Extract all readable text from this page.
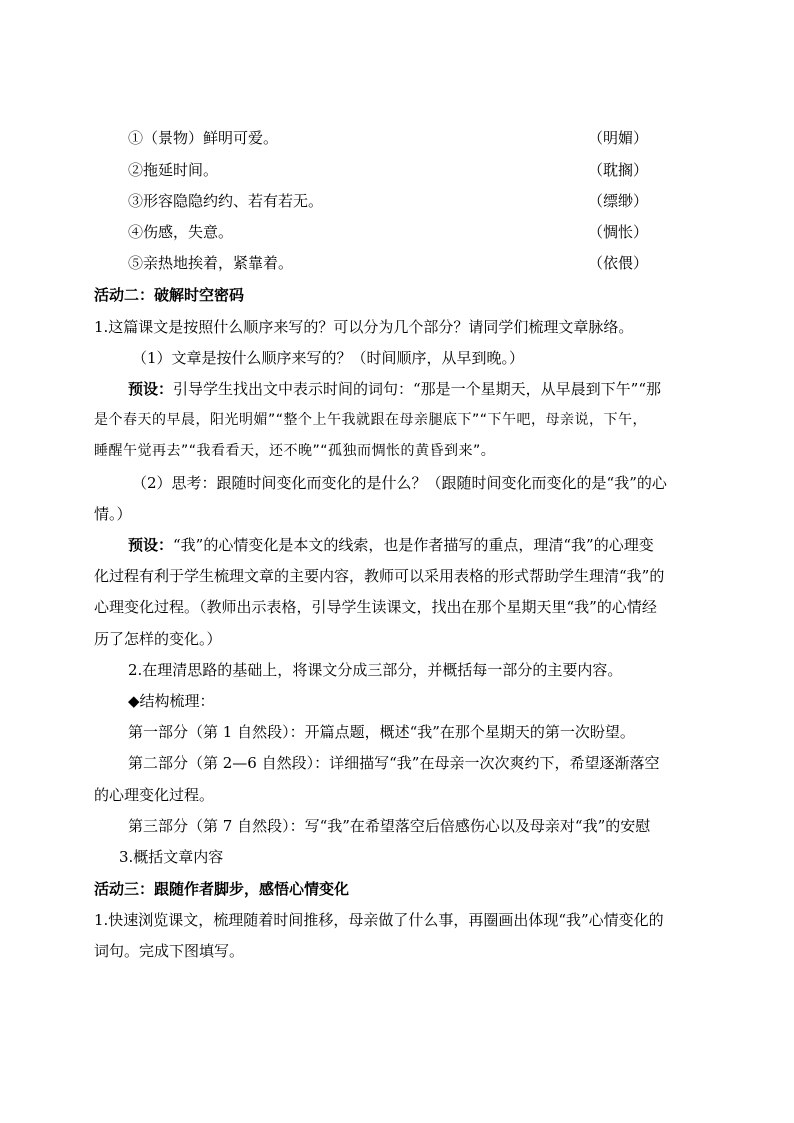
①（景物）鲜明可爱。	（明媚）
②拖延时间。	（耽搁）
③形容隐隐约约、若有若无。	（缥缈）
④伤感，失意。	（惆怅）
⑤亲热地挨着，紧靠着。	（依偎）
活动二：破解时空密码
1.这篇课文是按照什么顺序来写的？可以分为几个部分？请同学们梳理文章脉络。
（1）文章是按什么顺序来写的？（时间顺序，从早到晚。）
预设：引导学生找出文中表示时间的词句：“那是一个星期天，从早晨到下午”“那
是个春天的早晨，阳光明媚”“整个上午我就跟在母亲腿底下”“下午吧，母亲说，下午，
睡醒午觉再去”“我看看天，还不晚”“孤独而惆怅的黄昏到来”。
（2）思考：跟随时间变化而变化的是什么？（跟随时间变化而变化的是“我”的心
情。）
预设：“我”的心情变化是本文的线索，也是作者描写的重点，理清“我”的心理变
化过程有利于学生梳理文章的主要内容，教师可以采用表格的形式帮助学生理清“我”的
心理变化过程。（教师出示表格，引导学生读课文，找出在那个星期天里“我”的心情经
历了怎样的变化。）
2.在理清思路的基础上，将课文分成三部分，并概括每一部分的主要内容。
◆结构梳理：
第一部分（第 1 自然段）：开篇点题，概述“我”在那个星期天的第一次盼望。
第二部分（第 2—6 自然段）：详细描写“我”在母亲一次次爽约下，希望逐渐落空
的心理变化过程。
第三部分（第 7 自然段）：写“我”在希望落空后倍感伤心以及母亲对“我”的安慰
3.概括文章内容
活动三：跟随作者脚步，感悟心情变化
1.快速浏览课文，梳理随着时间推移，母亲做了什么事，再圈画出体现“我”心情变化的
词句。完成下图填写。
